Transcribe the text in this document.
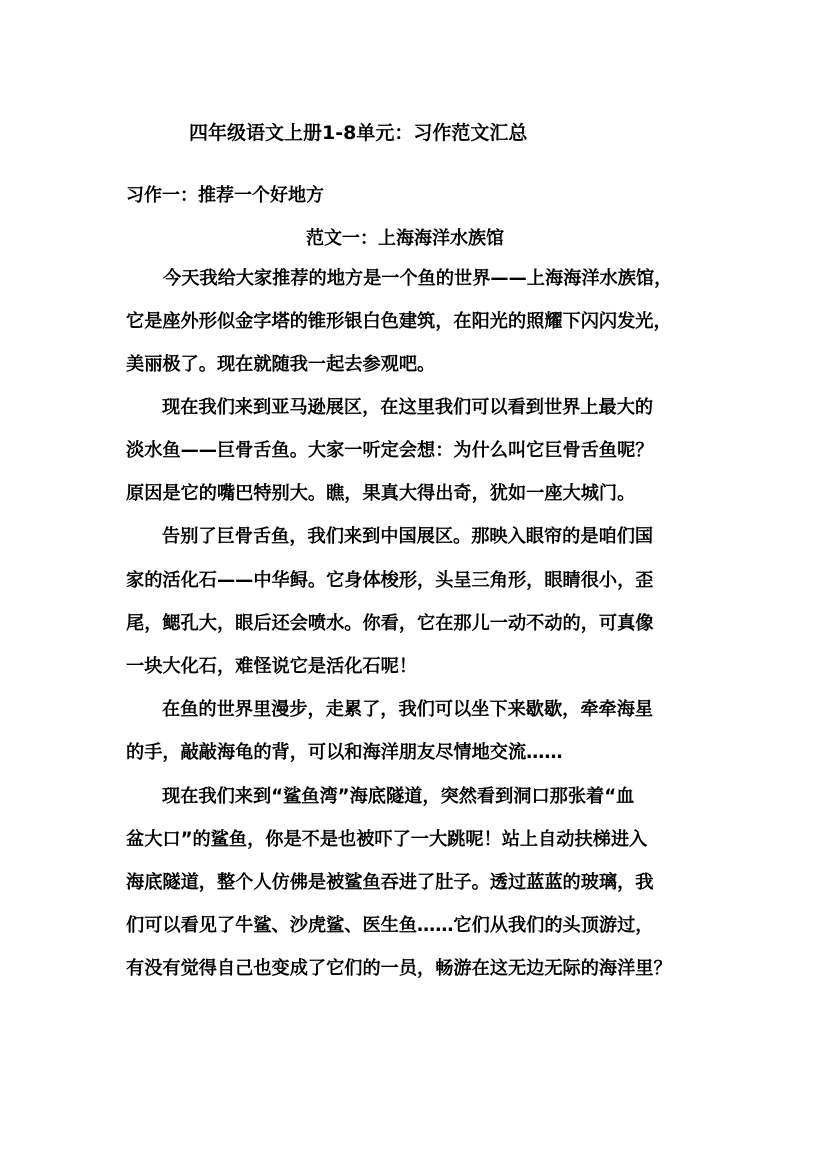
四年级语文上册1-8单元：习作范文汇总
习作一：推荐一个好地方
范文一：上海海洋水族馆
今天我给大家推荐的地方是一个鱼的世界——上海海洋水族馆，
它是座外形似金字塔的锥形银白色建筑，在阳光的照耀下闪闪发光，
美丽极了。现在就随我一起去参观吧。
现在我们来到亚马逊展区，在这里我们可以看到世界上最大的
淡水鱼——巨骨舌鱼。大家一听定会想：为什么叫它巨骨舌鱼呢？
原因是它的嘴巴特别大。瞧，果真大得出奇，犹如一座大城门。
告别了巨骨舌鱼，我们来到中国展区。那映入眼帘的是咱们国
家的活化石——中华鲟。它身体梭形，头呈三角形，眼睛很小，歪
尾，鳃孔大，眼后还会喷水。你看，它在那儿一动不动的，可真像
一块大化石，难怪说它是活化石呢！
在鱼的世界里漫步，走累了，我们可以坐下来歇歇，牵牵海星
的手，敲敲海龟的背，可以和海洋朋友尽情地交流……
现在我们来到“鲨鱼湾”海底隧道，突然看到洞口那张着“血
盆大口”的鲨鱼，你是不是也被吓了一大跳呢！站上自动扶梯进入
海底隧道，整个人仿佛是被鲨鱼吞进了肚子。透过蓝蓝的玻璃，我
们可以看见了牛鲨、沙虎鲨、医生鱼……它们从我们的头顶游过，
有没有觉得自己也变成了它们的一员，畅游在这无边无际的海洋里？
